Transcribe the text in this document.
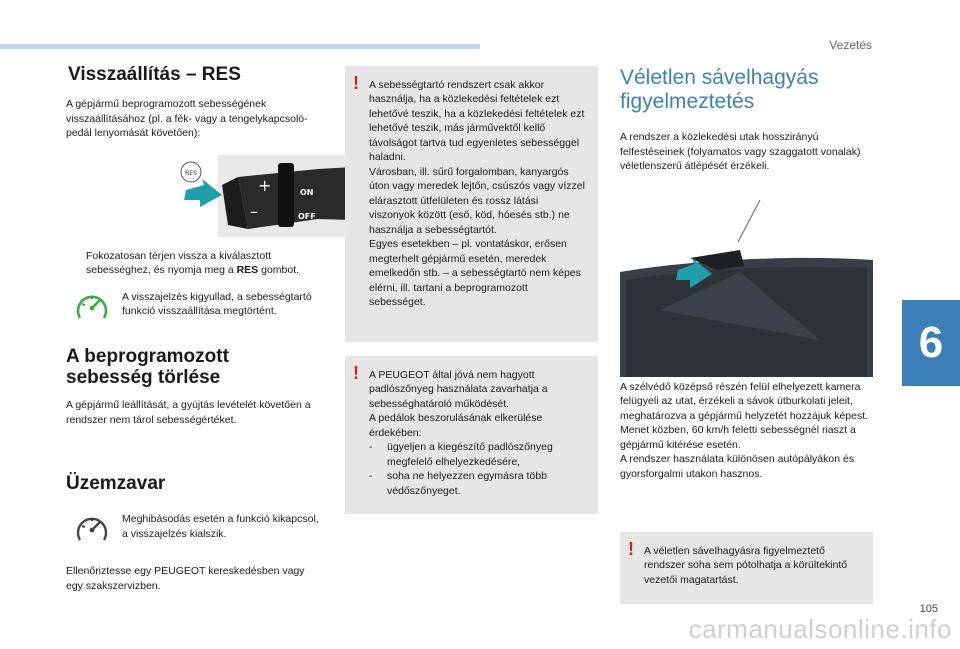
Vezetés
6
105
carmanualsonline.info
Visszaállítás – RES
A gépjármű beprogramozott sebességének visszaállításához (pl. a fék- vagy a tengelykapcsoló-pedál lenyomását követően):
RES
+
–
ON
OFF
Fokozatosan térjen vissza a kiválasztott sebességhez, és nyomja meg a RES gombot.
A visszajelzés kigyullad, a sebességtartó funkció visszaállítása megtörtént.
A beprogramozott
sebesség törlése
A gépjármű leállítását, a gyújtás levételét követően a rendszer nem tárol sebességértéket.
Üzemzavar
Meghibásodás esetén a funkció kikapcsol, a visszajelzés kialszik.
Ellenőriztesse egy PEUGEOT kereskedésben vagy egy szakszervizben.
! A sebességtartó rendszert csak akkor használja, ha a közlekedési feltételek ezt lehetővé teszik, ha a közlekedési feltételek ezt lehetővé teszik, más járművektől kellő távolságot tartva tud egyenletes sebességgel haladni.
Városban, ill. sűrű forgalomban, kanyargós úton vagy meredek lejtőn, csúszós vagy vízzel elárasztott útfelületen és rossz látási viszonyok között (eső, köd, hóesés stb.) ne használja a sebességtartót.
Egyes esetekben – pl. vontatáskor, erősen megterhelt gépjármű esetén, meredek emelkedőn stb. – a sebességtartó nem képes elérni, ill. tartani a beprogramozott sebességet.
! A PEUGEOT által jóvá nem hagyott padlószőnyeg használata zavarhatja a sebességhatároló működését.
A pedálok beszorulásának elkerülése érdekében:
-	ügyeljen a kiegészítő padlószőnyeg megfelelő elhelyezkedésére,
-	soha ne helyezzen egymásra több védőszőnyeget.
Véletlen sávelhagyás
figyelmeztetés
A rendszer a közlekedési utak hosszirányú felfestéseinek (folyamatos vagy szaggatott vonalak) véletlenszerű átlépését érzékeli.
A szélvédő középső részén felül elhelyezett kamera felügyeli az utat, érzékeli a sávok útburkolati jeleit, meghatározva a gépjármű helyzetét hozzájuk képest.
Menet közben, 60 km/h feletti sebességnél riaszt a gépjármű kitérése esetén.
A rendszer használata különösen autópályákon és gyorsforgalmi utakon hasznos.
! A véletlen sávelhagyásra figyelmeztető rendszer soha sem pótolhatja a körültekintő vezetői magatartást.
